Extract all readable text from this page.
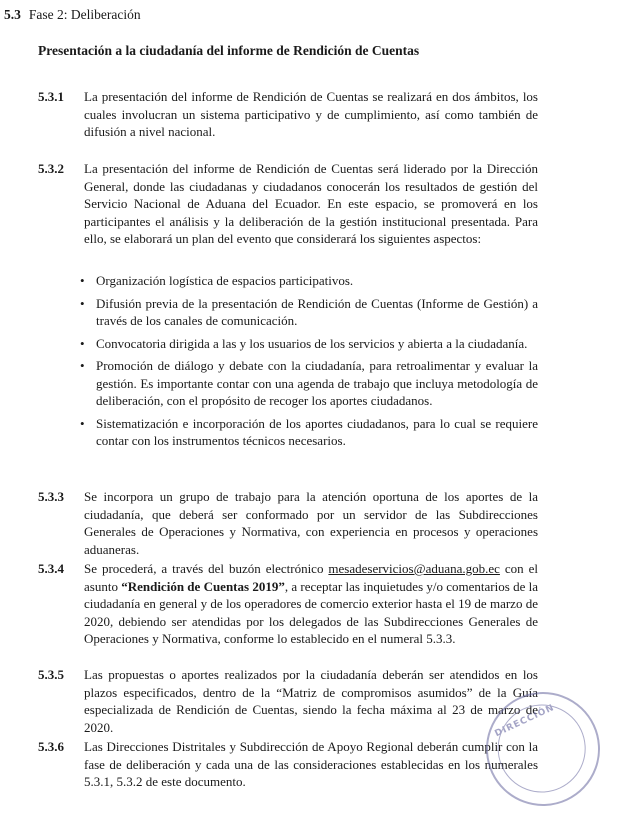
5.3 Fase 2: Deliberación
Presentación a la ciudadanía del informe de Rendición de Cuentas
5.3.1 La presentación del informe de Rendición de Cuentas se realizará en dos ámbitos, los cuales involucran un sistema participativo y de cumplimiento, así como también de difusión a nivel nacional.
5.3.2 La presentación del informe de Rendición de Cuentas será liderado por la Dirección General, donde las ciudadanas y ciudadanos conocerán los resultados de gestión del Servicio Nacional de Aduana del Ecuador. En este espacio, se promoverá en los participantes el análisis y la deliberación de la gestión institucional presentada. Para ello, se elaborará un plan del evento que considerará los siguientes aspectos:
• Organización logística de espacios participativos.
• Difusión previa de la presentación de Rendición de Cuentas (Informe de Gestión) a través de los canales de comunicación.
• Convocatoria dirigida a las y los usuarios de los servicios y abierta a la ciudadanía.
• Promoción de diálogo y debate con la ciudadanía, para retroalimentar y evaluar la gestión. Es importante contar con una agenda de trabajo que incluya metodología de deliberación, con el propósito de recoger los aportes ciudadanos.
• Sistematización e incorporación de los aportes ciudadanos, para lo cual se requiere contar con los instrumentos técnicos necesarios.
5.3.3 Se incorpora un grupo de trabajo para la atención oportuna de los aportes de la ciudadanía, que deberá ser conformado por un servidor de las Subdirecciones Generales de Operaciones y Normativa, con experiencia en procesos y operaciones aduaneras.
5.3.4 Se procederá, a través del buzón electrónico mesadeservicios@aduana.gob.ec con el asunto “Rendición de Cuentas 2019”, a receptar las inquietudes y/o comentarios de la ciudadanía en general y de los operadores de comercio exterior hasta el 19 de marzo de 2020, debiendo ser atendidas por los delegados de las Subdirecciones Generales de Operaciones y Normativa, conforme lo establecido en el numeral 5.3.3.
5.3.5 Las propuestas o aportes realizados por la ciudadanía deberán ser atendidos en los plazos especificados, dentro de la “Matriz de compromisos asumidos” de la Guía especializada de Rendición de Cuentas, siendo la fecha máxima al 23 de marzo de 2020.
5.3.6 Las Direcciones Distritales y Subdirección de Apoyo Regional deberán cumplir con la fase de deliberación y cada una de las consideraciones establecidas en los numerales 5.3.1, 5.3.2 de este documento.
DIRECCIÓN
